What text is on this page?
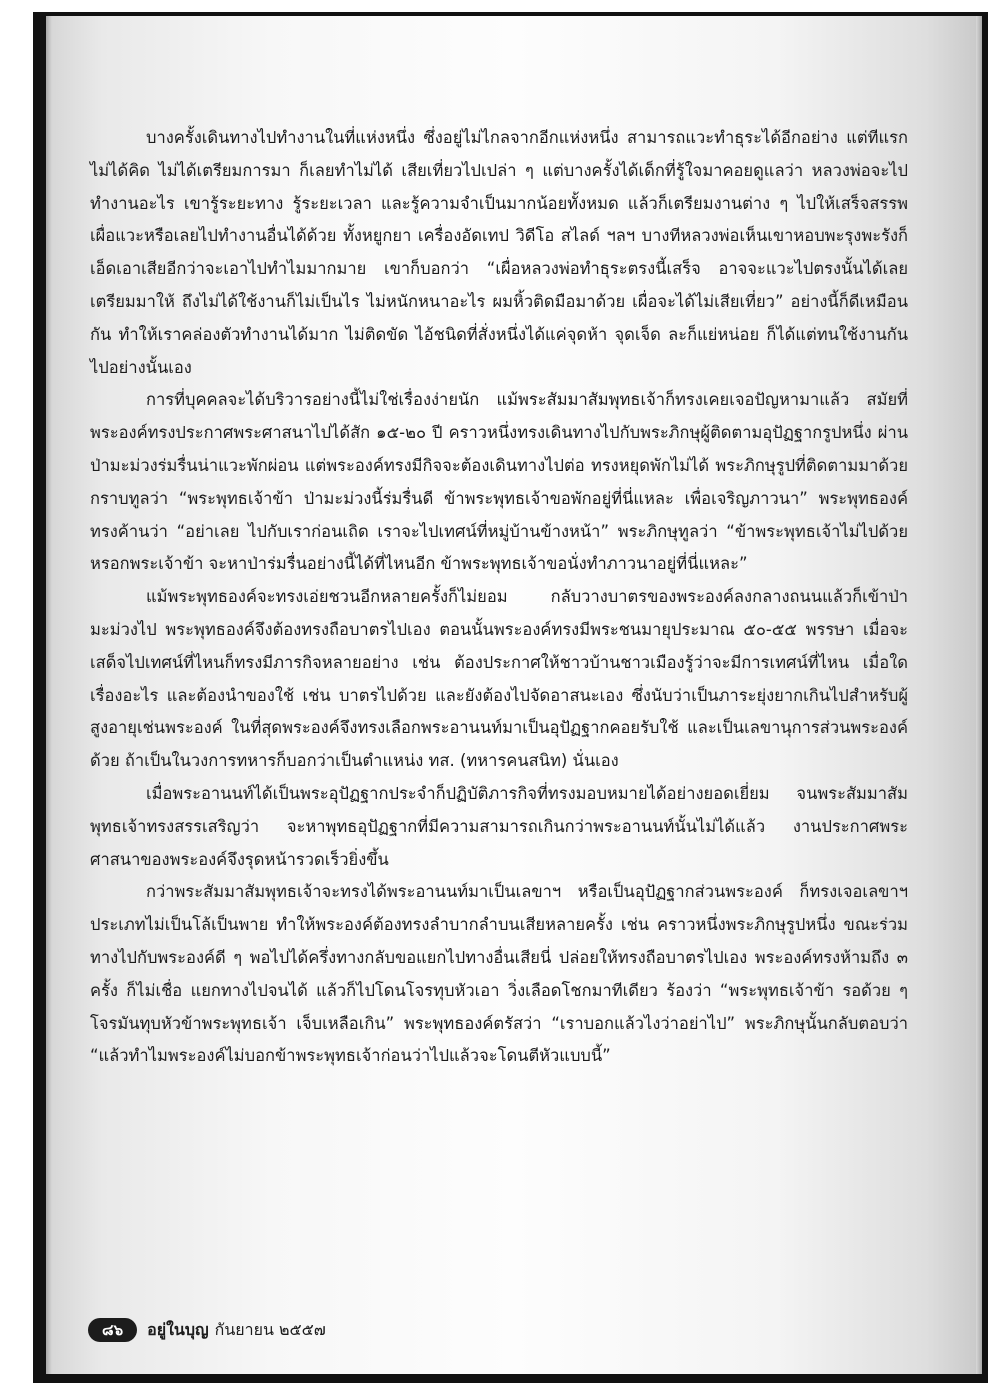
บางครั้งเดินทางไปทำงานในที่แห่งหนึ่ง ซึ่งอยู่ไม่ไกลจากอีกแห่งหนึ่ง สามารถแวะทำธุระได้อีกอย่าง แต่ทีแรกไม่ได้คิด ไม่ได้เตรียมการมา ก็เลยทำไม่ได้ เสียเที่ยวไปเปล่า ๆ แต่บางครั้งได้เด็กที่รู้ใจมาคอยดูแลว่า หลวงพ่อจะไปทำงานอะไร เขารู้ระยะทาง รู้ระยะเวลา และรู้ความจำเป็นมากน้อยทั้งหมด แล้วก็เตรียมงานต่าง ๆ ไปให้เสร็จสรรพ เผื่อแวะหรือเลยไปทำงานอื่นได้ด้วย ทั้งหยูกยา เครื่องอัดเทป วิดีโอ สไลด์ ฯลฯ บางทีหลวงพ่อเห็นเขาหอบพะรุงพะรังก็เอ็ดเอาเสียอีกว่าจะเอาไปทำไมมากมาย เขาก็บอกว่า “เผื่อหลวงพ่อทำธุระตรงนี้เสร็จ อาจจะแวะไปตรงนั้นได้เลยเตรียมมาให้ ถึงไม่ได้ใช้งานก็ไม่เป็นไร ไม่หนักหนาอะไร ผมหิ้วติดมือมาด้วย เผื่อจะได้ไม่เสียเที่ยว” อย่างนี้ก็ดีเหมือนกัน ทำให้เราคล่องตัวทำงานได้มาก ไม่ติดขัด ไอ้ชนิดที่สั่งหนึ่งได้แค่จุดห้า จุดเจ็ด ละก็แย่หน่อย ก็ได้แต่ทนใช้งานกันไปอย่างนั้นเอง

การที่บุคคลจะได้บริวารอย่างนี้ไม่ใช่เรื่องง่ายนัก แม้พระสัมมาสัมพุทธเจ้าก็ทรงเคยเจอปัญหามาแล้ว สมัยที่พระองค์ทรงประกาศพระศาสนาไปได้สัก ๑๕-๒๐ ปี คราวหนึ่งทรงเดินทางไปกับพระภิกษุผู้ติดตามอุปัฏฐากรูปหนึ่ง ผ่านป่ามะม่วงร่มรื่นน่าแวะพักผ่อน แต่พระองค์ทรงมีกิจจะต้องเดินทางไปต่อ ทรงหยุดพักไม่ได้ พระภิกษุรูปที่ติดตามมาด้วยกราบทูลว่า “พระพุทธเจ้าข้า ป่ามะม่วงนี้ร่มรื่นดี ข้าพระพุทธเจ้าขอพักอยู่ที่นี่แหละ เพื่อเจริญภาวนา” พระพุทธองค์ทรงค้านว่า “อย่าเลย ไปกับเราก่อนเถิด เราจะไปเทศน์ที่หมู่บ้านข้างหน้า” พระภิกษุทูลว่า “ข้าพระพุทธเจ้าไม่ไปด้วยหรอกพระเจ้าข้า จะหาป่าร่มรื่นอย่างนี้ได้ที่ไหนอีก ข้าพระพุทธเจ้าขอนั่งทำภาวนาอยู่ที่นี่แหละ”

แม้พระพุทธองค์จะทรงเอ่ยชวนอีกหลายครั้งก็ไม่ยอม กลับวางบาตรของพระองค์ลงกลางถนนแล้วก็เข้าป่ามะม่วงไป พระพุทธองค์จึงต้องทรงถือบาตรไปเอง ตอนนั้นพระองค์ทรงมีพระชนมายุประมาณ ๕๐-๕๕ พรรษา เมื่อจะเสด็จไปเทศน์ที่ไหนก็ทรงมีภารกิจหลายอย่าง เช่น ต้องประกาศให้ชาวบ้านชาวเมืองรู้ว่าจะมีการเทศน์ที่ไหน เมื่อใด เรื่องอะไร และต้องนำของใช้ เช่น บาตรไปด้วย และยังต้องไปจัดอาสนะเอง ซึ่งนับว่าเป็นภาระยุ่งยากเกินไปสำหรับผู้สูงอายุเช่นพระองค์ ในที่สุดพระองค์จึงทรงเลือกพระอานนท์มาเป็นอุปัฏฐากคอยรับใช้ และเป็นเลขานุการส่วนพระองค์ด้วย ถ้าเป็นในวงการทหารก็บอกว่าเป็นตำแหน่ง ทส. (ทหารคนสนิท) นั่นเอง

เมื่อพระอานนท์ได้เป็นพระอุปัฏฐากประจำก็ปฏิบัติภารกิจที่ทรงมอบหมายได้อย่างยอดเยี่ยม จนพระสัมมาสัมพุทธเจ้าทรงสรรเสริญว่า จะหาพุทธอุปัฏฐากที่มีความสามารถเกินกว่าพระอานนท์นั้นไม่ได้แล้ว งานประกาศพระศาสนาของพระองค์จึงรุดหน้ารวดเร็วยิ่งขึ้น

กว่าพระสัมมาสัมพุทธเจ้าจะทรงได้พระอานนท์มาเป็นเลขาฯ หรือเป็นอุปัฏฐากส่วนพระองค์ ก็ทรงเจอเลขาฯ ประเภทไม่เป็นโล้เป็นพาย ทำให้พระองค์ต้องทรงลำบากลำบนเสียหลายครั้ง เช่น คราวหนึ่งพระภิกษุรูปหนึ่ง ขณะร่วมทางไปกับพระองค์ดี ๆ พอไปได้ครึ่งทางกลับขอแยกไปทางอื่นเสียนี่ ปล่อยให้ทรงถือบาตรไปเอง พระองค์ทรงห้ามถึง ๓ ครั้ง ก็ไม่เชื่อ แยกทางไปจนได้ แล้วก็ไปโดนโจรทุบหัวเอา วิ่งเลือดโชกมาทีเดียว ร้องว่า “พระพุทธเจ้าข้า รอด้วย ๆ โจรมันทุบหัวข้าพระพุทธเจ้า เจ็บเหลือเกิน” พระพุทธองค์ตรัสว่า “เราบอกแล้วไงว่าอย่าไป” พระภิกษุนั้นกลับตอบว่า “แล้วทำไมพระองค์ไม่บอกข้าพระพุทธเจ้าก่อนว่าไปแล้วจะโดนตีหัวแบบนี้”

๘๖	อยู่ในบุญ กันยายน ๒๕๕๗
